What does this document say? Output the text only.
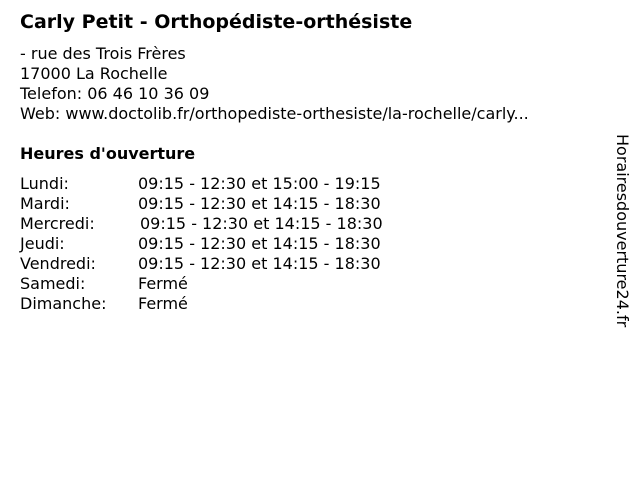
Carly Petit - Orthopédiste-orthésiste
- rue des Trois Frères
17000 La Rochelle
Telefon: 06 46 10 36 09
Web: www.doctolib.fr/orthopediste-orthesiste/la-rochelle/carly...
Heures d'ouverture
Lundi:	09:15 - 12:30 et 15:00 - 19:15
Mardi:	09:15 - 12:30 et 14:15 - 18:30
Mercredi:	09:15 - 12:30 et 14:15 - 18:30
Jeudi:	09:15 - 12:30 et 14:15 - 18:30
Vendredi:	09:15 - 12:30 et 14:15 - 18:30
Samedi:	Fermé
Dimanche: Fermé	Horairesdouverture24.fr
